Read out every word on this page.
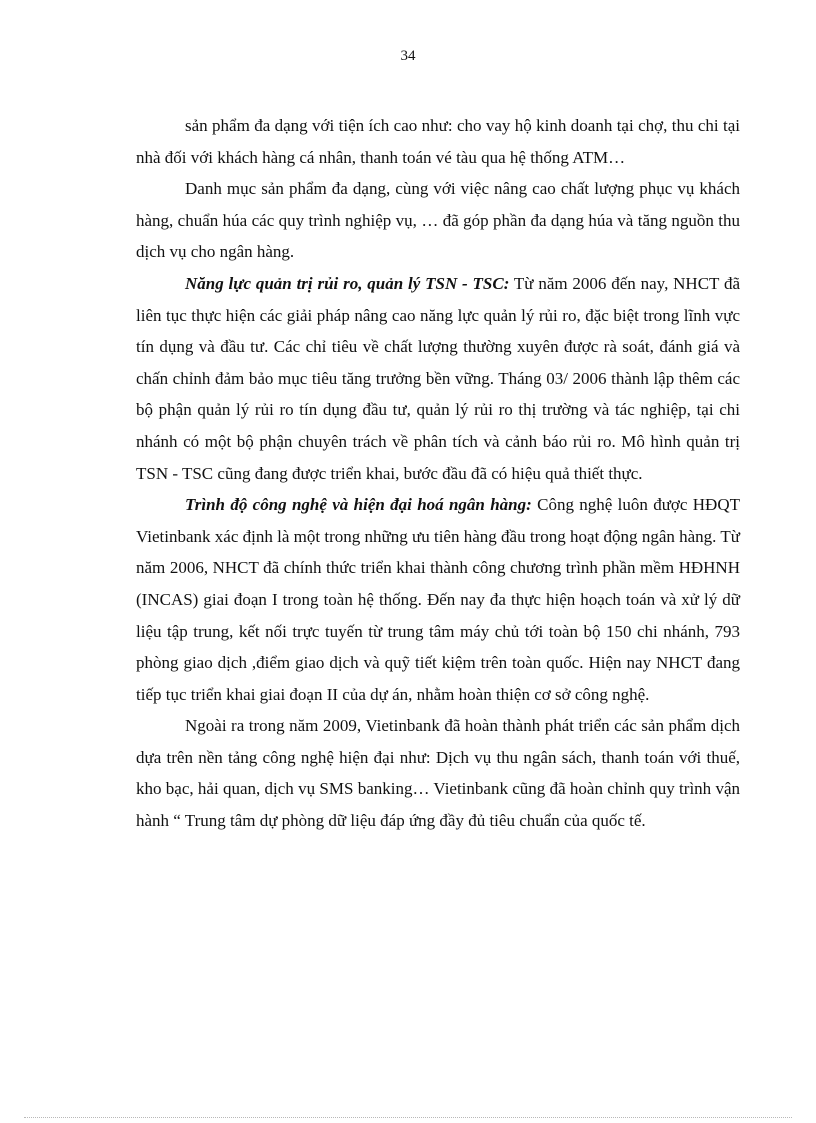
34

sản phẩm đa dạng với tiện ích cao như: cho vay hộ kinh doanh tại chợ, thu chi tại nhà đối với khách hàng cá nhân, thanh toán vé tàu qua hệ thống ATM…

Danh mục sản phẩm đa dạng, cùng với việc nâng cao chất lượng phục vụ khách hàng, chuẩn húa các quy trình nghiệp vụ, … đã góp phần đa dạng húa và tăng nguồn thu dịch vụ cho ngân hàng.

Năng lực quản trị rủi ro, quản lý TSN - TSC: Từ năm 2006 đến nay, NHCT đã liên tục thực hiện các giải pháp nâng cao năng lực quản lý rủi ro, đặc biệt trong lĩnh vực tín dụng và đầu tư. Các chỉ tiêu về chất lượng thường xuyên được rà soát, đánh giá và chấn chỉnh đảm bảo mục tiêu tăng trưởng bền vững. Tháng 03/ 2006 thành lập thêm các bộ phận quản lý rủi ro tín dụng đầu tư, quản lý rủi ro thị trường và tác nghiệp, tại chi nhánh có một bộ phận chuyên trách về phân tích và cảnh báo rủi ro. Mô hình quản trị TSN - TSC cũng đang được triển khai, bước đầu đã có hiệu quả thiết thực.

Trình độ công nghệ và hiện đại hoá ngân hàng: Công nghệ luôn được HĐQT Vietinbank xác định là một trong những ưu tiên hàng đầu trong hoạt động ngân hàng. Từ năm 2006, NHCT đã chính thức triển khai thành công chương trình phần mềm HĐHNH (INCAS) giai đoạn I trong toàn hệ thống. Đến nay đa thực hiện hoạch toán và xử lý dữ liệu tập trung, kết nối trực tuyến từ trung tâm máy chủ tới toàn bộ 150 chi nhánh, 793 phòng giao dịch ,điểm giao dịch và quỹ tiết kiệm trên toàn quốc. Hiện nay NHCT đang tiếp tục triển khai giai đoạn II của dự án, nhằm hoàn thiện cơ sở công nghệ.

Ngoài ra trong năm 2009, Vietinbank đã hoàn thành phát triển các sản phẩm dịch dựa trên nền tảng công nghệ hiện đại như: Dịch vụ thu ngân sách, thanh toán với thuế, kho bạc, hải quan, dịch vụ SMS banking… Vietinbank cũng đã hoàn chỉnh quy trình vận hành “ Trung tâm dự phòng dữ liệu đáp ứng đầy đủ tiêu chuẩn của quốc tế.
